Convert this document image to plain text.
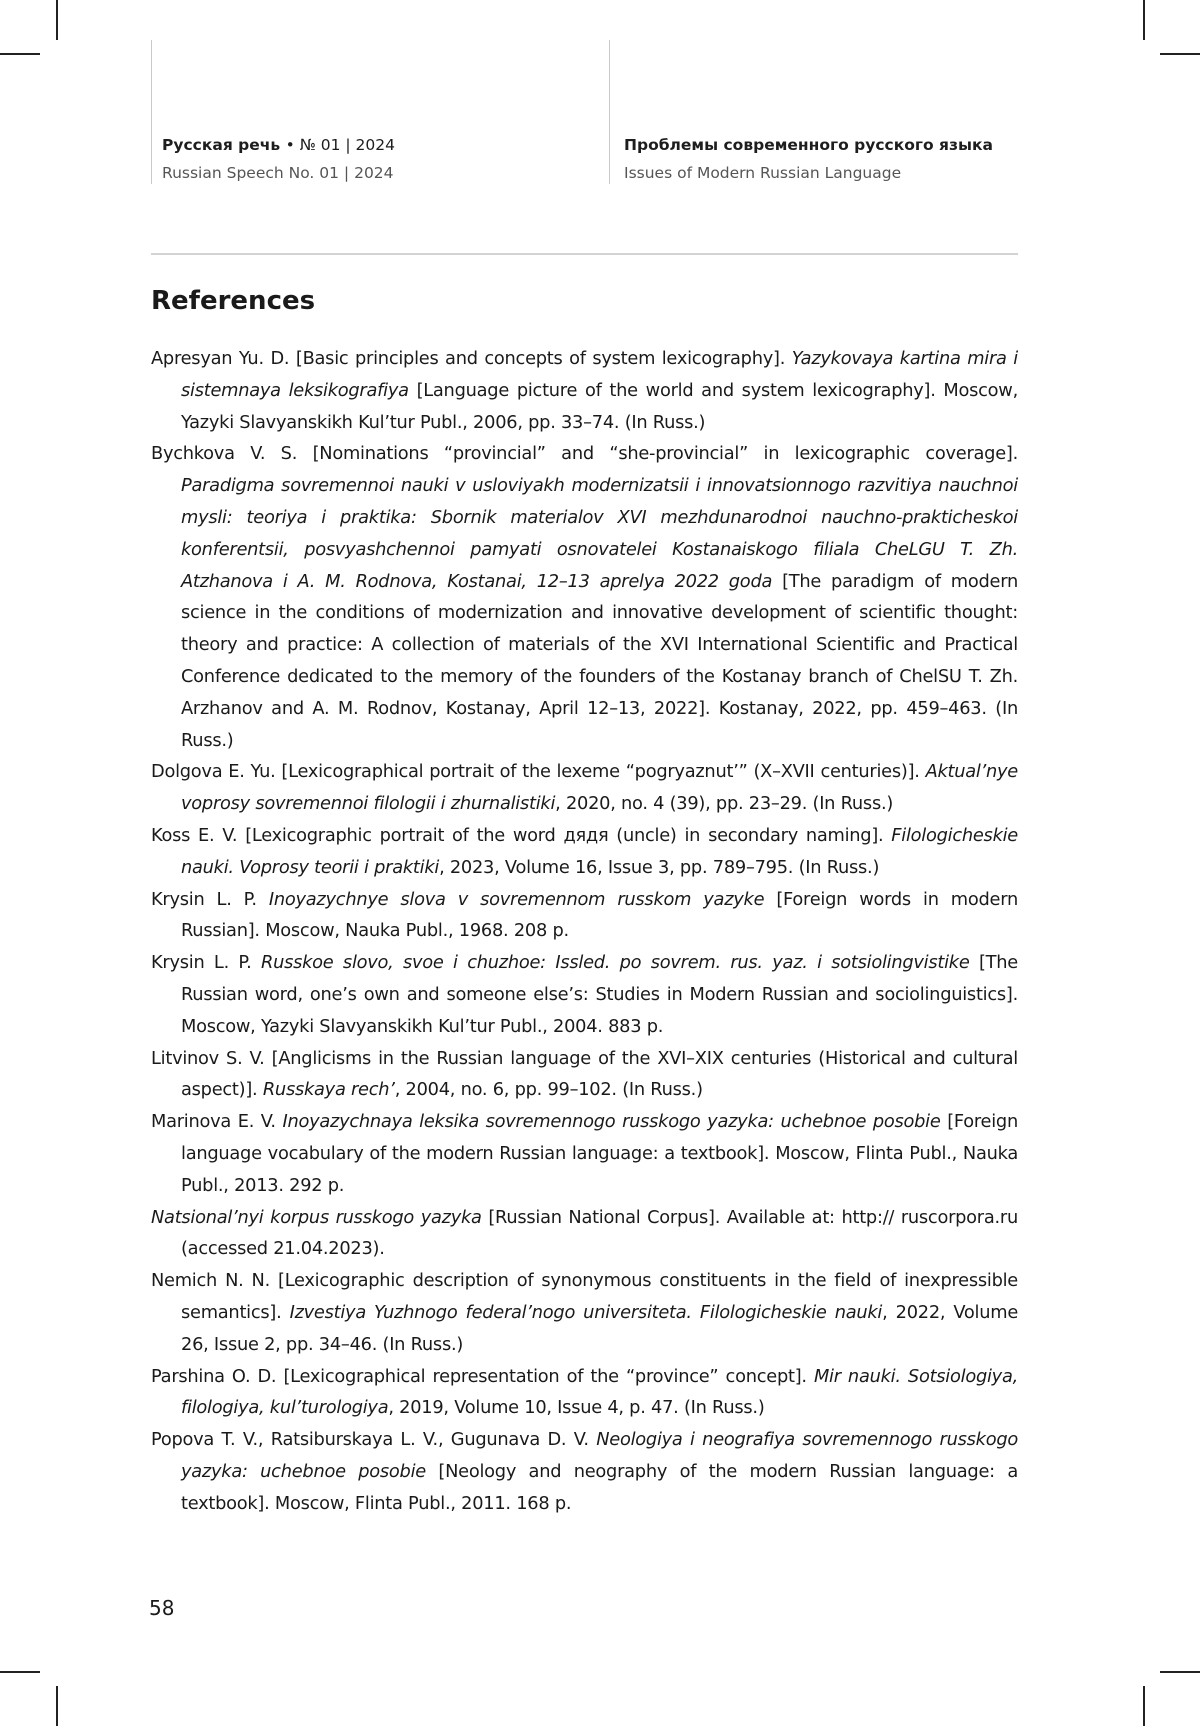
Русская речь • № 01 | 2024
Russian Speech No. 01 | 2024
Проблемы современного русского языка
Issues of Modern Russian Language
References
Apresyan Yu. D. [Basic principles and concepts of system lexicography]. Yazykovaya kartina mira i sistemnaya leksikografiya [Language picture of the world and system lexicography]. Moscow, Yazyki Slavyanskikh Kul’tur Publ., 2006, pp. 33–74. (In Russ.)
Bychkova V. S. [Nominations “provincial” and “she-provincial” in lexicographic coverage]. Paradigma sovremennoi nauki v usloviyakh modernizatsii i innovatsionnogo razvitiya nauchnoi mysli: teoriya i praktika: Sbornik materialov XVI mezhdunarodnoi nauchno-prakticheskoi konferentsii, posvyashchennoi pamyati osnovatelei Kostanaiskogo filiala CheLGU T. Zh. Atzhanova i A. M. Rodnova, Kostanai, 12–13 aprelya 2022 goda [The paradigm of modern science in the conditions of modernization and innovative development of scientific thought: theory and practice: A collection of materials of the XVI International Scientific and Practical Conference dedicated to the memory of the founders of the Kostanay branch of ChelSU T. Zh. Arzhanov and A. M. Rodnov, Kostanay, April 12–13, 2022]. Kostanay, 2022, pp. 459–463. (In Russ.)
Dolgova E. Yu. [Lexicographical portrait of the lexeme “pogryaznut’” (X–XVII centuries)]. Aktual’nye voprosy sovremennoi filologii i zhurnalistiki, 2020, no. 4 (39), pp. 23–29. (In Russ.)
Koss E. V. [Lexicographic portrait of the word дядя (uncle) in secondary naming]. Filologicheskie nauki. Voprosy teorii i praktiki, 2023, Volume 16, Issue 3, pp. 789–795. (In Russ.)
Krysin L. P. Inoyazychnye slova v sovremennom russkom yazyke [Foreign words in modern Russian]. Moscow, Nauka Publ., 1968. 208 p.
Krysin L. P. Russkoe slovo, svoe i chuzhoe: Issled. po sovrem. rus. yaz. i sotsiolingvistike [The Russian word, one’s own and someone else’s: Studies in Modern Russian and sociolinguistics]. Moscow, Yazyki Slavyanskikh Kul’tur Publ., 2004. 883 p.
Litvinov S. V. [Anglicisms in the Russian language of the XVI–XIX centuries (Historical and cultural aspect)]. Russkaya rech’, 2004, no. 6, pp. 99–102. (In Russ.)
Marinova E. V. Inoyazychnaya leksika sovremennogo russkogo yazyka: uchebnoe posobie [Foreign language vocabulary of the modern Russian language: a textbook]. Moscow, Flinta Publ., Nauka Publ., 2013. 292 p.
Natsional’nyi korpus russkogo yazyka [Russian National Corpus]. Available at: http:// ruscorpora.ru (accessed 21.04.2023).
Nemich N. N. [Lexicographic description of synonymous constituents in the field of inexpressible semantics]. Izvestiya Yuzhnogo federal’nogo universiteta. Filologicheskie nauki, 2022, Volume 26, Issue 2, pp. 34–46. (In Russ.)
Parshina O. D. [Lexicographical representation of the “province” concept]. Mir nauki. Sotsiologiya, filologiya, kul’turologiya, 2019, Volume 10, Issue 4, p. 47. (In Russ.)
Popova T. V., Ratsiburskaya L. V., Gugunava D. V. Neologiya i neografiya sovremennogo russkogo yazyka: uchebnoe posobie [Neology and neography of the modern Russian language: a textbook]. Moscow, Flinta Publ., 2011. 168 p.
58
